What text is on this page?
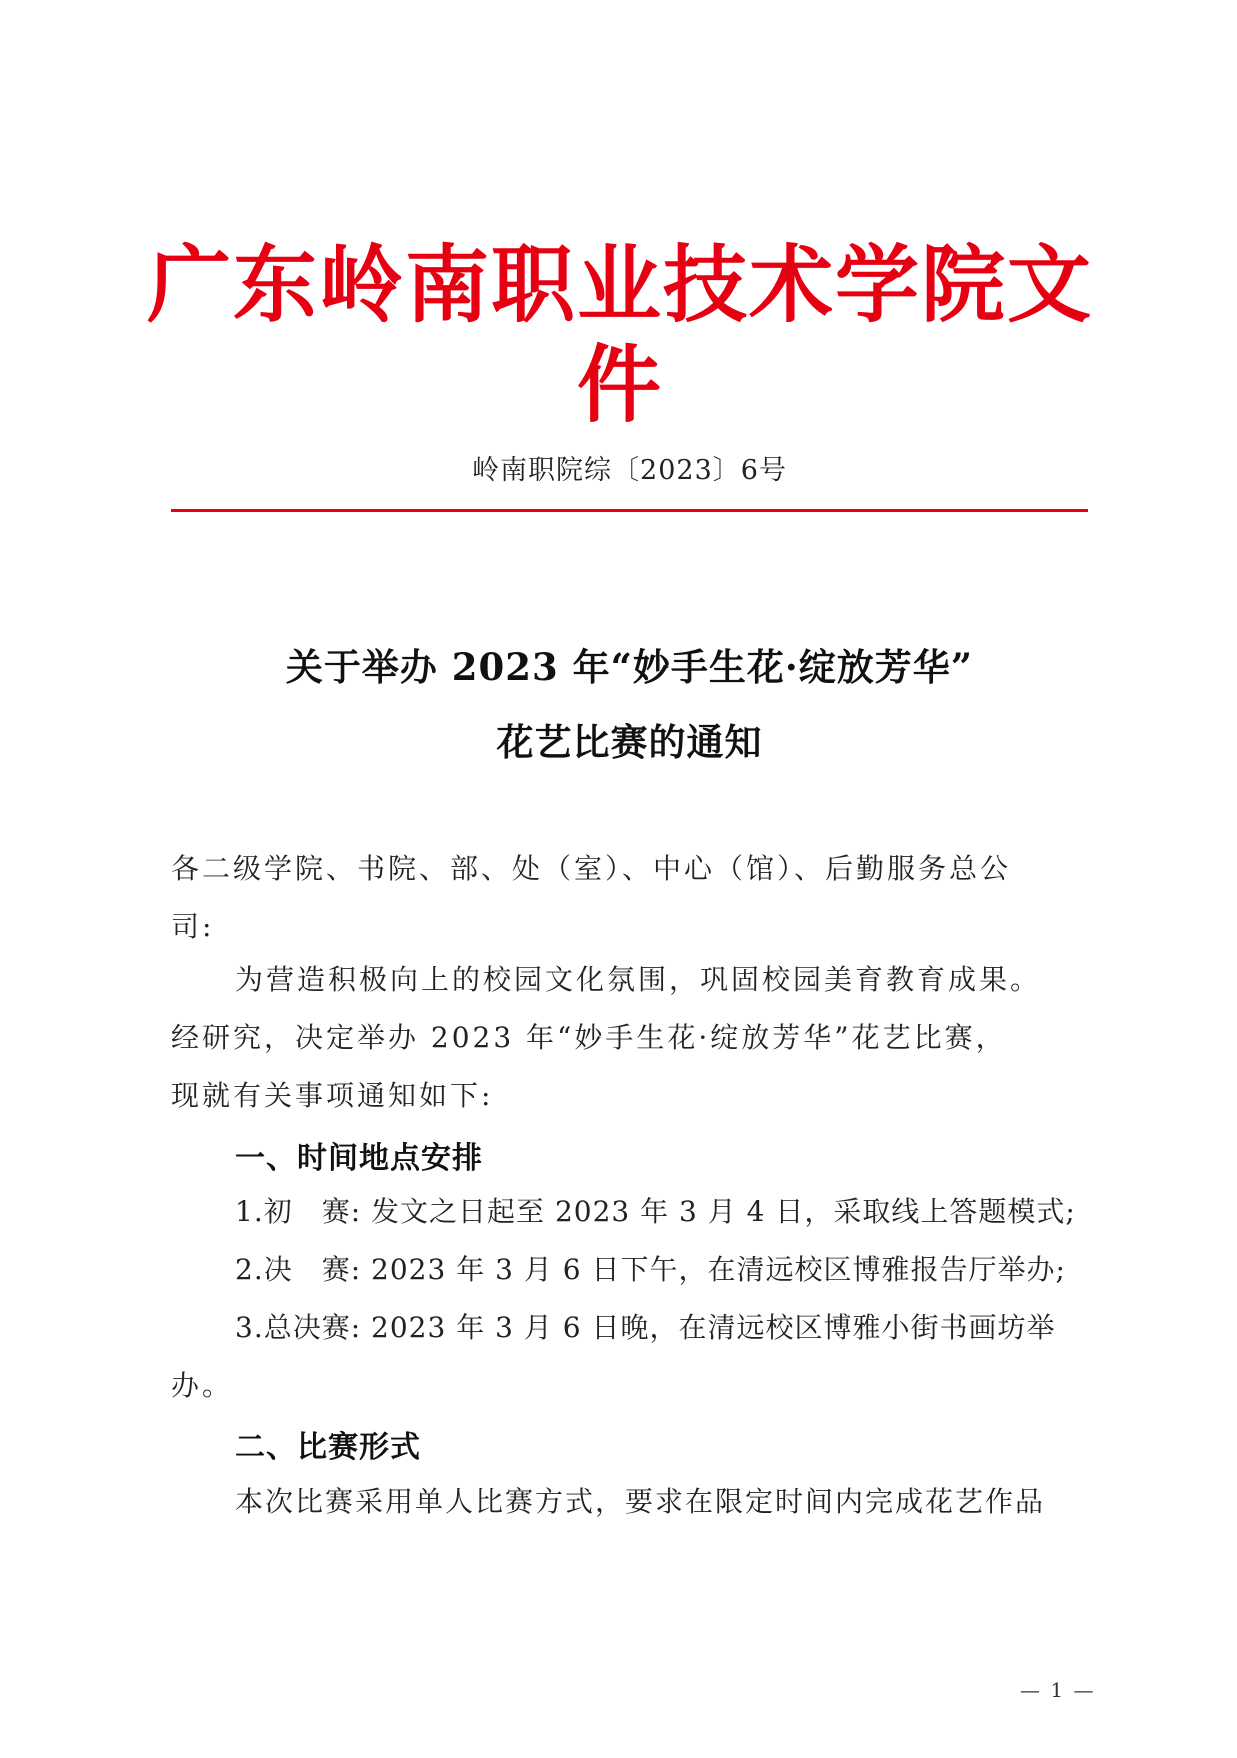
广东岭南职业技术学院文件
岭南职院综〔2023〕6号
关于举办 2023 年“妙手生花·绽放芳华”
花艺比赛的通知
各二级学院、书院、部、处（室）、中心（馆）、后勤服务总公
司:
为营造积极向上的校园文化氛围，巩固校园美育教育成果。
经研究，决定举办 2023 年“妙手生花·绽放芳华”花艺比赛，
现就有关事项通知如下:
一、时间地点安排
1.初　赛: 发文之日起至 2023 年 3 月 4 日，采取线上答题模式;
2.决　赛: 2023 年 3 月 6 日下午，在清远校区博雅报告厅举办;
3.总决赛: 2023 年 3 月 6 日晚，在清远校区博雅小街书画坊举
办。
二、比赛形式
本次比赛采用单人比赛方式，要求在限定时间内完成花艺作品
— 1 —
